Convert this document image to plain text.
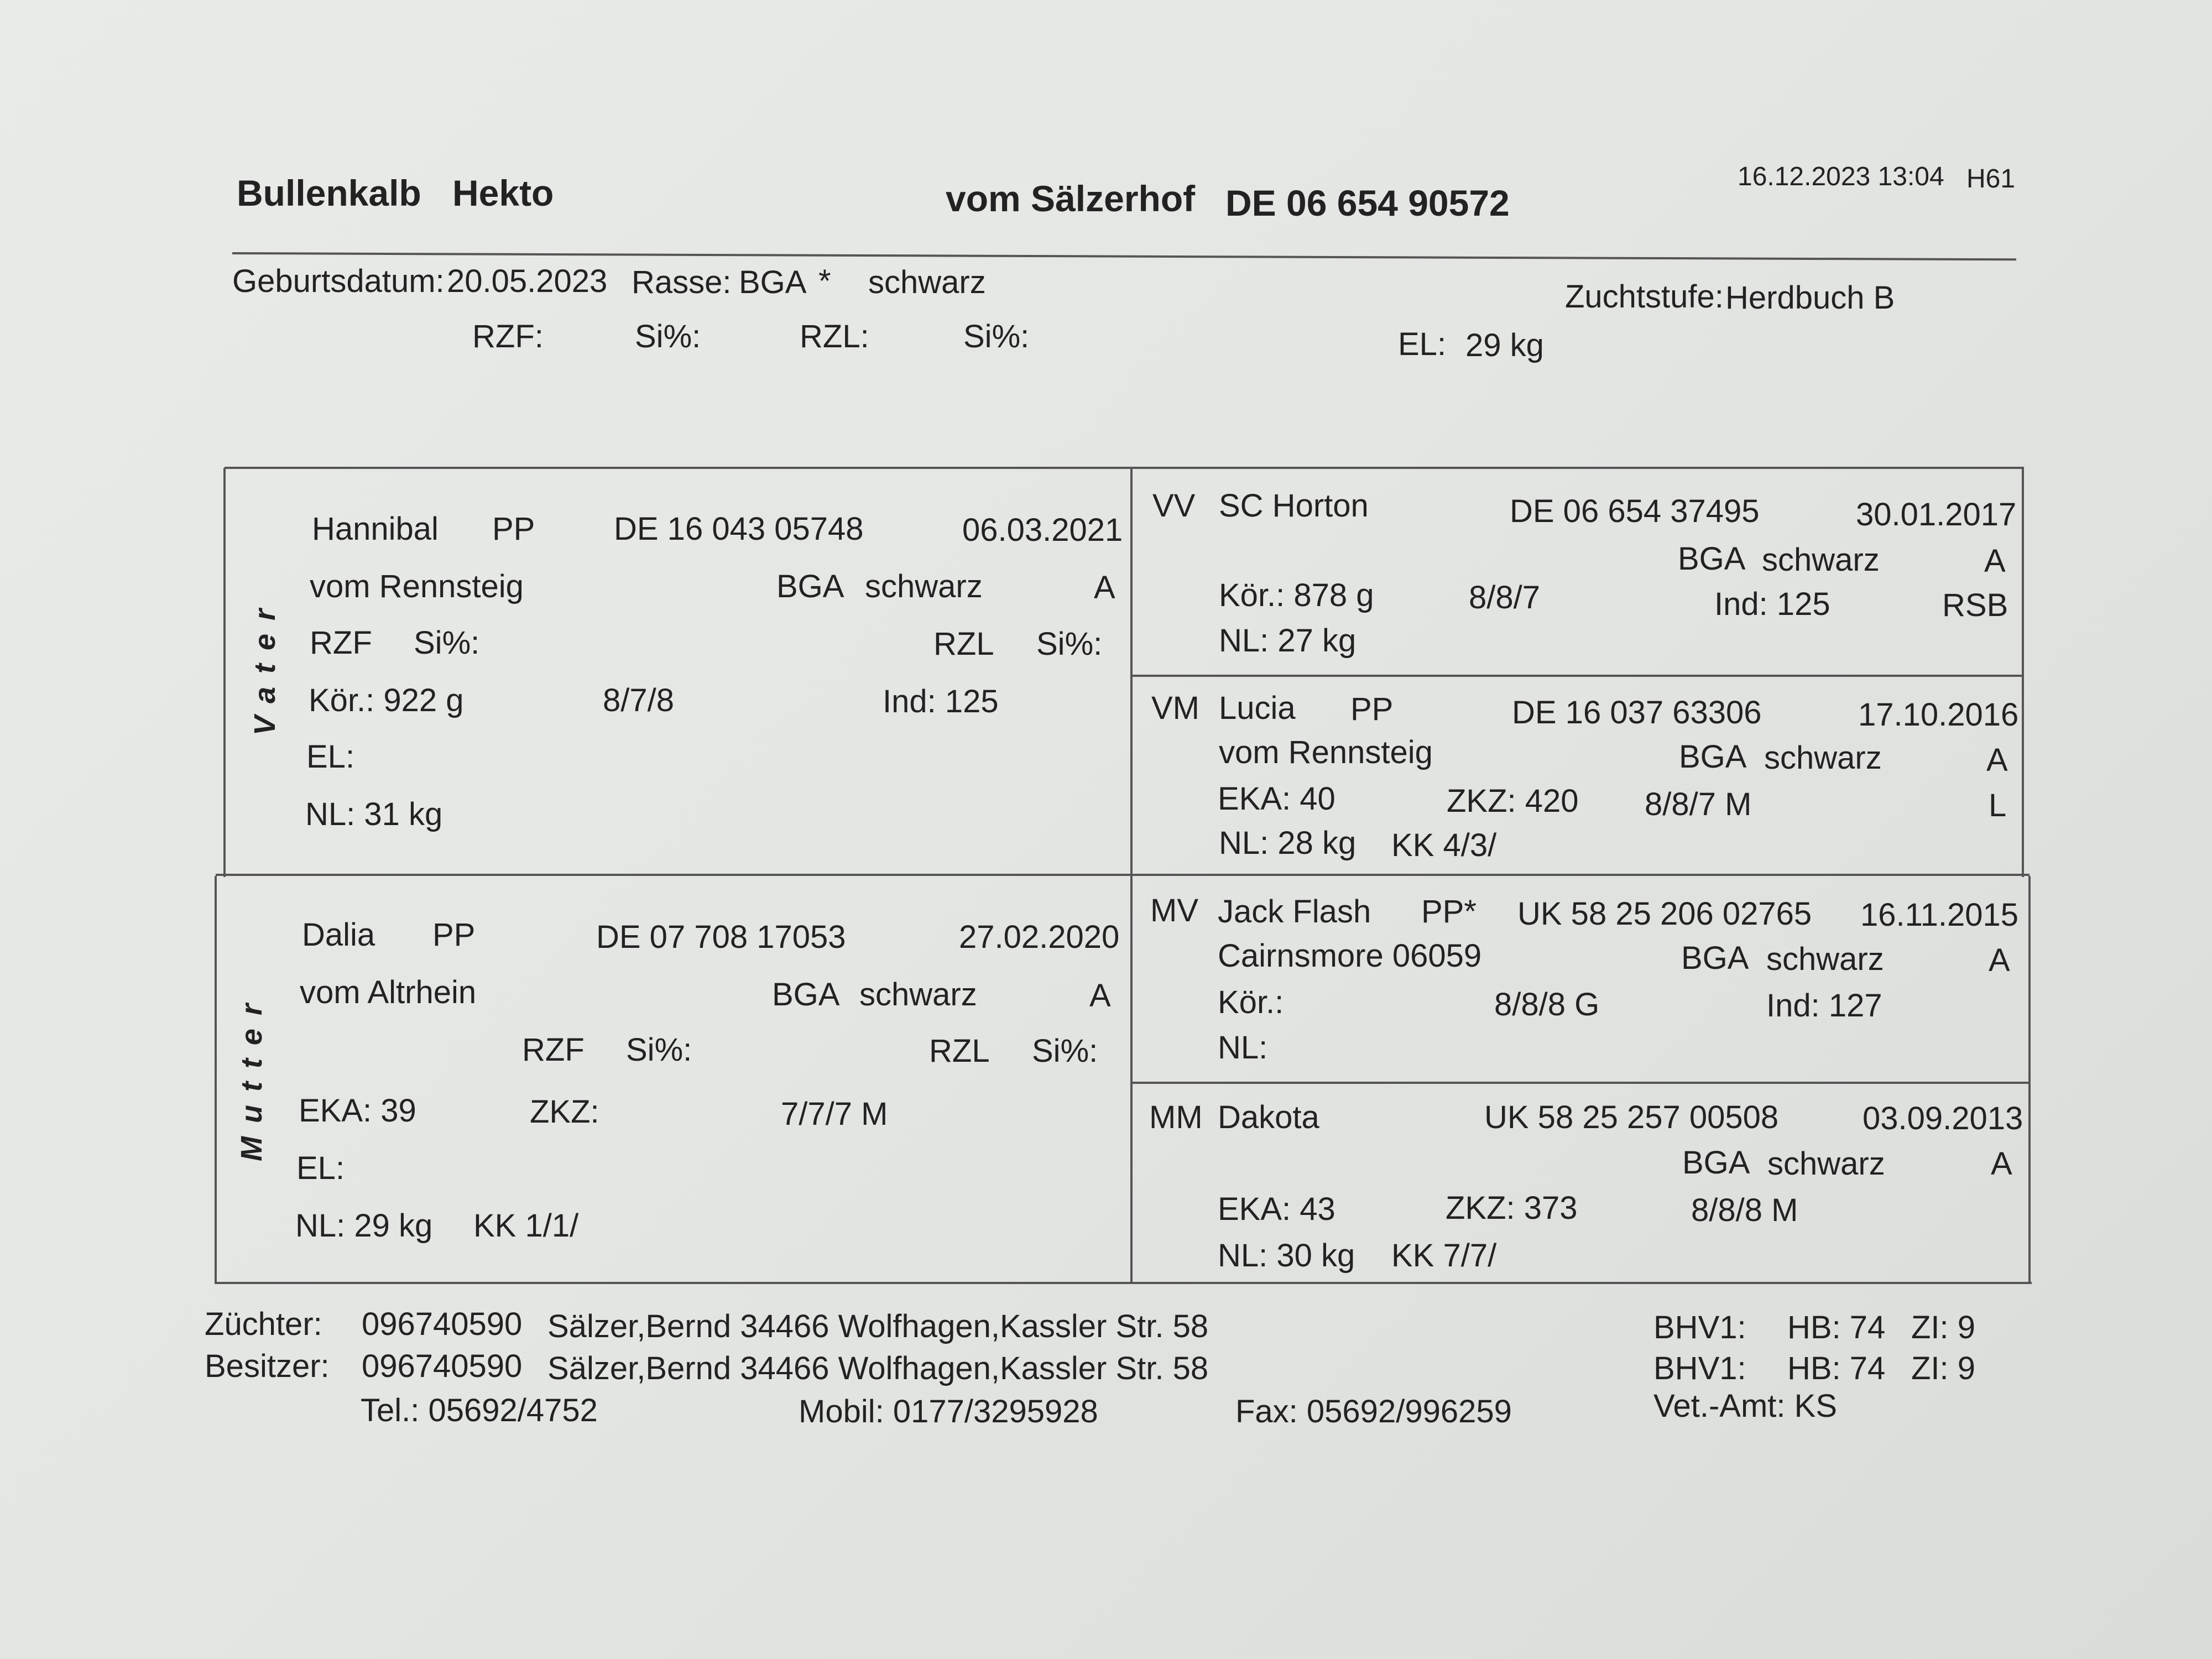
Bullenkalb Hekto	vom Sälzerhof DE 06 654 90572
16.12.2023 13:04 H61
Geburtsdatum: 20.05.2023 Rasse: BGA * schwarz	Zuchtstufe: Herdbuch B
RZF:	Si%:	RZL:	Si%:	EL: 29 kg
Vater
Hannibal PP DE 16 043 05748	06.03.2021
vom Rennsteig	BGA schwarz	A
RZF Si%:	RZL Si%:
Kör.: 922 g	8/7/8	Ind: 125
EL:
NL: 31 kg
VV SC Horton	DE 06 654 37495	30.01.2017
BGA schwarz	A
Kör.: 878 g	8/8/7	Ind: 125	RSB
NL: 27 kg
VM Lucia PP	DE 16 037 63306	17.10.2016
vom Rennsteig	BGA schwarz	A
EKA: 40	ZKZ: 420 8/8/7 M	L
NL: 28 kg KK 4/3/
Mutter
Dalia PP	DE 07 708 17053	27.02.2020
vom Altrhein	BGA schwarz	A
RZF Si%:	RZL Si%:
EKA: 39	ZKZ:	7/7/7 M
EL:
NL: 29 kg KK 1/1/
MV Jack Flash PP* UK 58 25 206 02765 16.11.2015
Cairnsmore 06059	BGA schwarz	A
Kör.:	8/8/8 G	Ind: 127
NL:
MM Dakota	UK 58 25 257 00508	03.09.2013
BGA schwarz	A
EKA: 43	ZKZ: 373	8/8/8 M
NL: 30 kg KK 7/7/
Züchter: 096740590 Sälzer,Bernd 34466 Wolfhagen,Kassler Str. 58
Besitzer: 096740590 Sälzer,Bernd 34466 Wolfhagen,Kassler Str. 58
Tel.: 05692/4752	Mobil: 0177/3295928	Fax: 05692/996259
BHV1: HB: 74 ZI: 9
BHV1: HB: 74 ZI: 9
Vet.-Amt: KS
